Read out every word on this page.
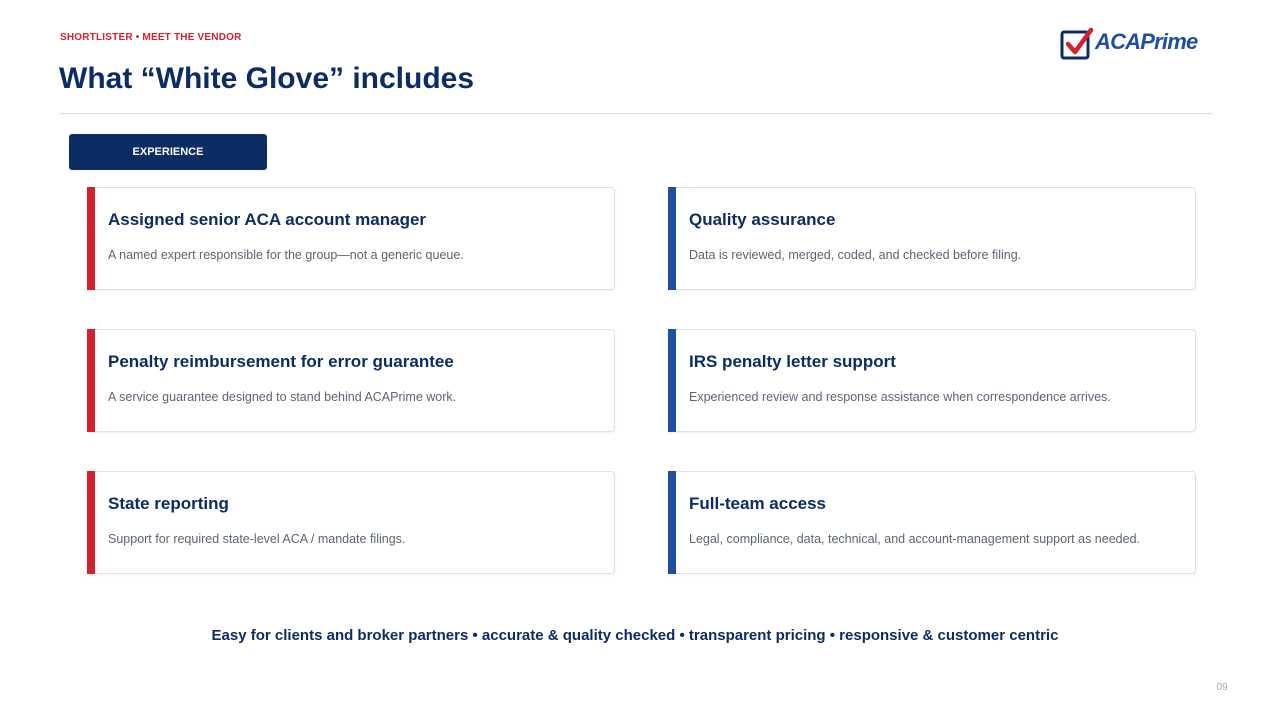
SHORTLISTER • MEET THE VENDOR
What “White Glove” includes
ACAPrime
EXPERIENCE
Assigned senior ACA account manager
A named expert responsible for the group—not a generic queue.
Quality assurance
Data is reviewed, merged, coded, and checked before filing.
Penalty reimbursement for error guarantee
A service guarantee designed to stand behind ACAPrime work.
IRS penalty letter support
Experienced review and response assistance when correspondence arrives.
State reporting
Support for required state-level ACA / mandate filings.
Full-team access
Legal, compliance, data, technical, and account-management support as needed.
Easy for clients and broker partners • accurate & quality checked • transparent pricing • responsive & customer centric
09
